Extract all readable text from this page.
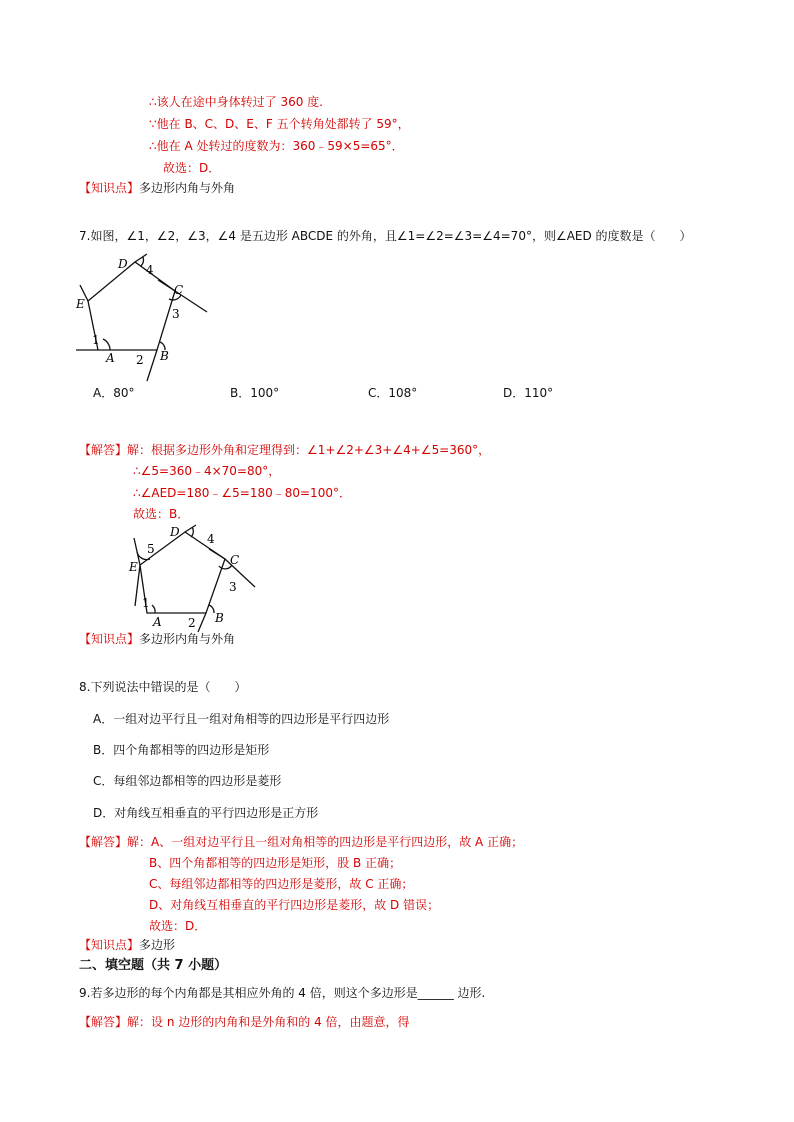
∴该人在途中身体转过了 360 度.
∵他在 B、C、D、E、F 五个转角处都转了 59°，
∴他在 A 处转过的度数为：360﹣59×5=65°．
故选：D．
【知识点】多边形内角与外角
7.如图，∠1，∠2，∠3，∠4 是五边形 ABCDE 的外角，且∠1=∠2=∠3=∠4=70°，则∠AED 的度数是（　　）
D 4
C
E
3
1
A 2 B
A．80°	B．100°	C．108°	D．110°
【解答】解：根据多边形外角和定理得到：∠1+∠2+∠3+∠4+∠5=360°，
∴∠5=360﹣4×70=80°，
∴∠AED=180﹣∠5=180﹣80=100°．
故选：B．
5
D 4
C
E
3
1
A 2 B
【知识点】多边形内角与外角
8.下列说法中错误的是（　　）
A．一组对边平行且一组对角相等的四边形是平行四边形
B．四个角都相等的四边形是矩形
C．每组邻边都相等的四边形是菱形
D．对角线互相垂直的平行四边形是正方形
【解答】解：A、一组对边平行且一组对角相等的四边形是平行四边形，故 A 正确；
B、四个角都相等的四边形是矩形，股 B 正确；
C、每组邻边都相等的四边形是菱形，故 C 正确；
D、对角线互相垂直的平行四边形是菱形，故 D 错误；
故选：D．
【知识点】多边形
二、填空题（共 7 小题）
9.若多边形的每个内角都是其相应外角的 4 倍，则这个多边形是______ 边形.
【解答】解：设 n 边形的内角和是外角和的 4 倍，由题意，得
